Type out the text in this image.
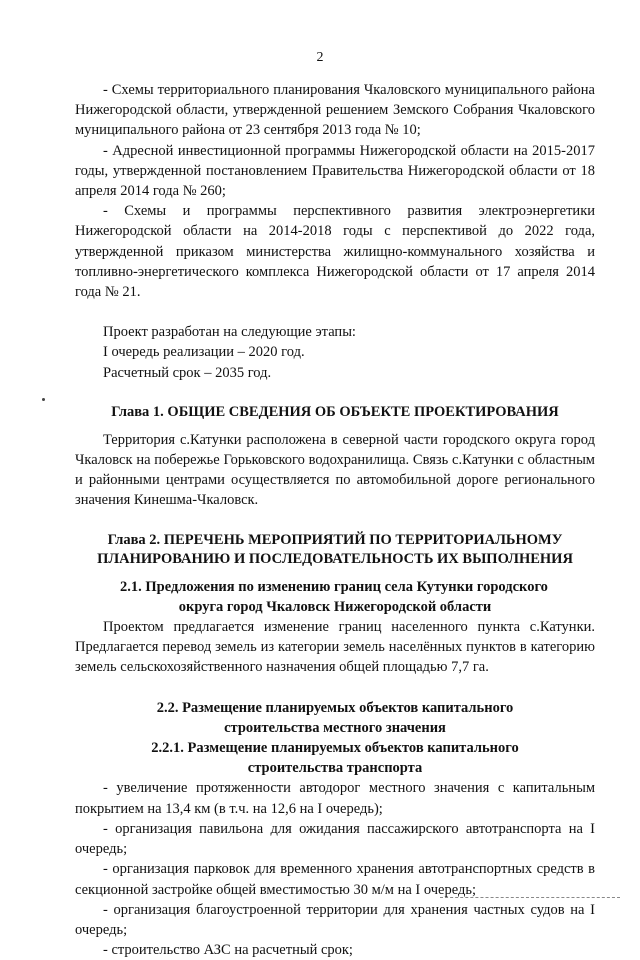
2

- Схемы территориального планирования Чкаловского муниципального района Нижегородской области, утвержденной решением Земского Собрания Чкаловского муниципального района от 23 сентября 2013 года № 10;

- Адресной инвестиционной программы Нижегородской области на 2015-2017 годы, утвержденной постановлением Правительства Нижегородской области от 18 апреля 2014 года № 260;

- Схемы и программы перспективного развития электроэнергетики Нижегородской области на 2014-2018 годы с перспективой до 2022 года, утвержденной приказом министерства жилищно-коммунального хозяйства и топливно-энергетического комплекса Нижегородской области от 17 апреля 2014 года № 21.

Проект разработан на следующие этапы:

I очередь реализации – 2020 год.

Расчетный срок – 2035 год.

Глава 1. ОБЩИЕ СВЕДЕНИЯ ОБ ОБЪЕКТЕ ПРОЕКТИРОВАНИЯ

Территория с.Катунки расположена в северной части городского округа город Чкаловск на побережье Горьковского водохранилища. Связь с.Катунки с областным и районными центрами осуществляется по автомобильной дороге регионального значения Кинешма-Чкаловск.

Глава 2. ПЕРЕЧЕНЬ МЕРОПРИЯТИЙ ПО ТЕРРИТОРИАЛЬНОМУ
ПЛАНИРОВАНИЮ И ПОСЛЕДОВАТЕЛЬНОСТЬ ИХ ВЫПОЛНЕНИЯ

2.1. Предложения по изменению границ села Кутунки городского
округа город Чкаловск Нижегородской области

Проектом предлагается изменение границ населенного пункта с.Катунки. Предлагается перевод земель из категории земель населённых пунктов в категорию земель сельскохозяйственного назначения общей площадью 7,7 га.

2.2. Размещение планируемых объектов капитального
строительства местного значения

2.2.1. Размещение планируемых объектов капитального
строительства транспорта

- увеличение протяженности автодорог местного значения с капитальным покрытием на 13,4 км (в т.ч. на 12,6 на I очередь);

- организация павильона для ожидания пассажирского автотранспорта на I очередь;

- организация парковок для временного хранения автотранспортных средств в секционной застройке общей вместимостью 30 м/м на I очередь;

- организация благоустроенной территории для хранения частных судов на I очередь;

- строительство АЗС на расчетный срок;
